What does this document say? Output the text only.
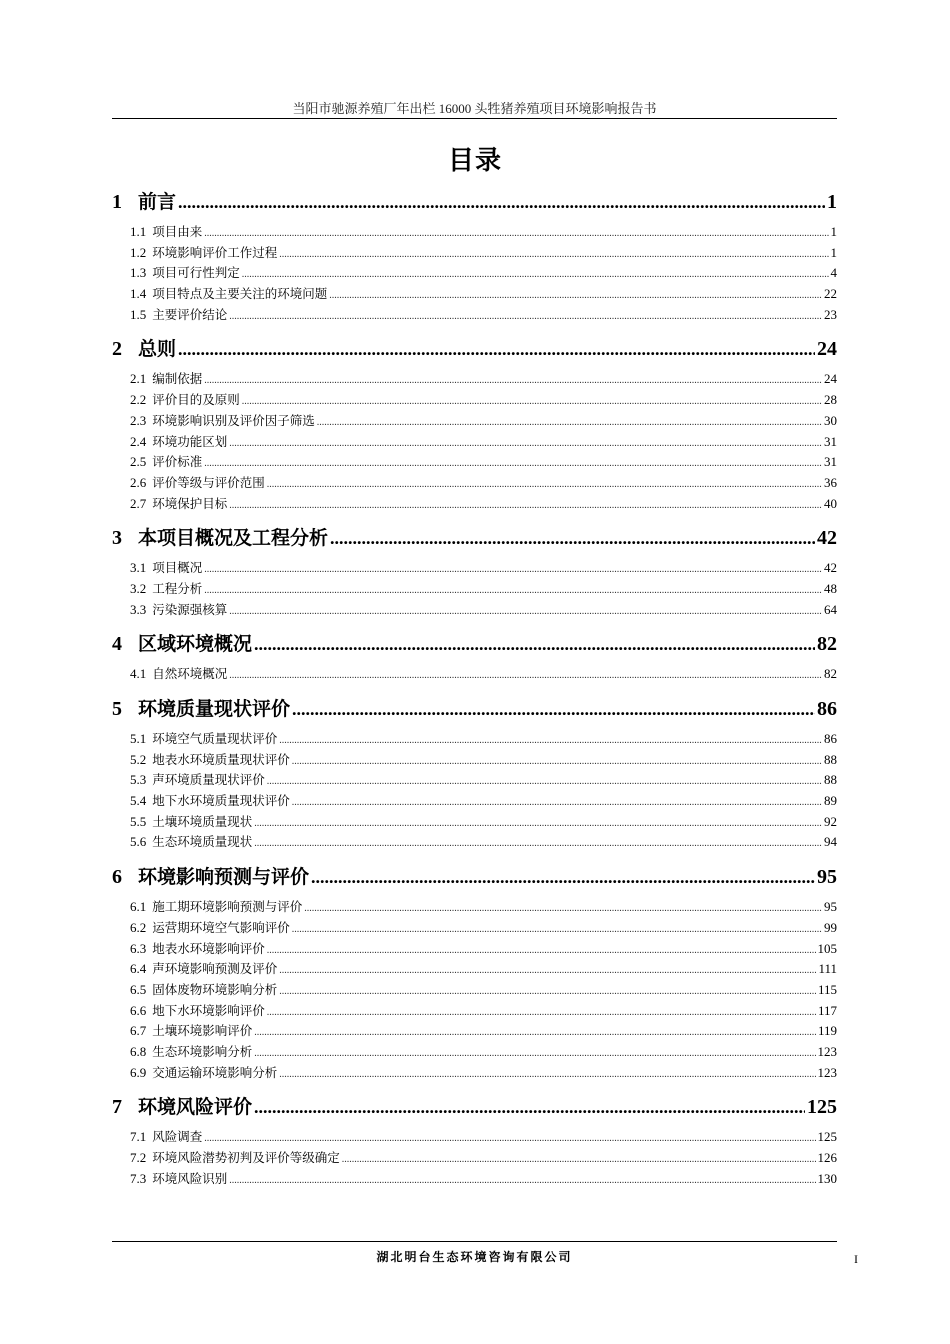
当阳市驰源养殖厂年出栏 16000 头牲猪养殖项目环境影响报告书
目录
1 前言 .....	1
1.1 项目由来 .....	1
1.2 环境影响评价工作过程 .....	1
1.3 项目可行性判定 .....	4
1.4 项目特点及主要关注的环境问题 .....	22
1.5 主要评价结论 .....	23
2 总则 .....	24
2.1 编制依据 .....	24
2.2 评价目的及原则 .....	28
2.3 环境影响识别及评价因子筛选 .....	30
2.4 环境功能区划 .....	31
2.5 评价标准 .....	31
2.6 评价等级与评价范围 .....	36
2.7 环境保护目标 .....	40
3 本项目概况及工程分析 .....	42
3.1 项目概况 .....	42
3.2 工程分析 .....	48
3.3 污染源强核算 .....	64
4 区域环境概况 .....	82
4.1 自然环境概况 .....	82
5 环境质量现状评价 .....	86
5.1 环境空气质量现状评价 .....	86
5.2 地表水环境质量现状评价 .....	88
5.3 声环境质量现状评价 .....	88
5.4 地下水环境质量现状评价 .....	89
5.5 土壤环境质量现状 .....	92
5.6 生态环境质量现状 .....	94
6 环境影响预测与评价 .....	95
6.1 施工期环境影响预测与评价 .....	95
6.2 运营期环境空气影响评价 .....	99
6.3 地表水环境影响评价 .....	105
6.4 声环境影响预测及评价 .....	111
6.5 固体废物环境影响分析 .....	115
6.6 地下水环境影响评价 .....	117
6.7 土壤环境影响评价 .....	119
6.8 生态环境影响分析 .....	123
6.9 交通运输环境影响分析 .....	123
7 环境风险评价 .....	125
7.1 风险调查 .....	125
7.2 环境风险潜势初判及评价等级确定 .....	126
7.3 环境风险识别 .....	130
湖北明台生态环境咨询有限公司	I
